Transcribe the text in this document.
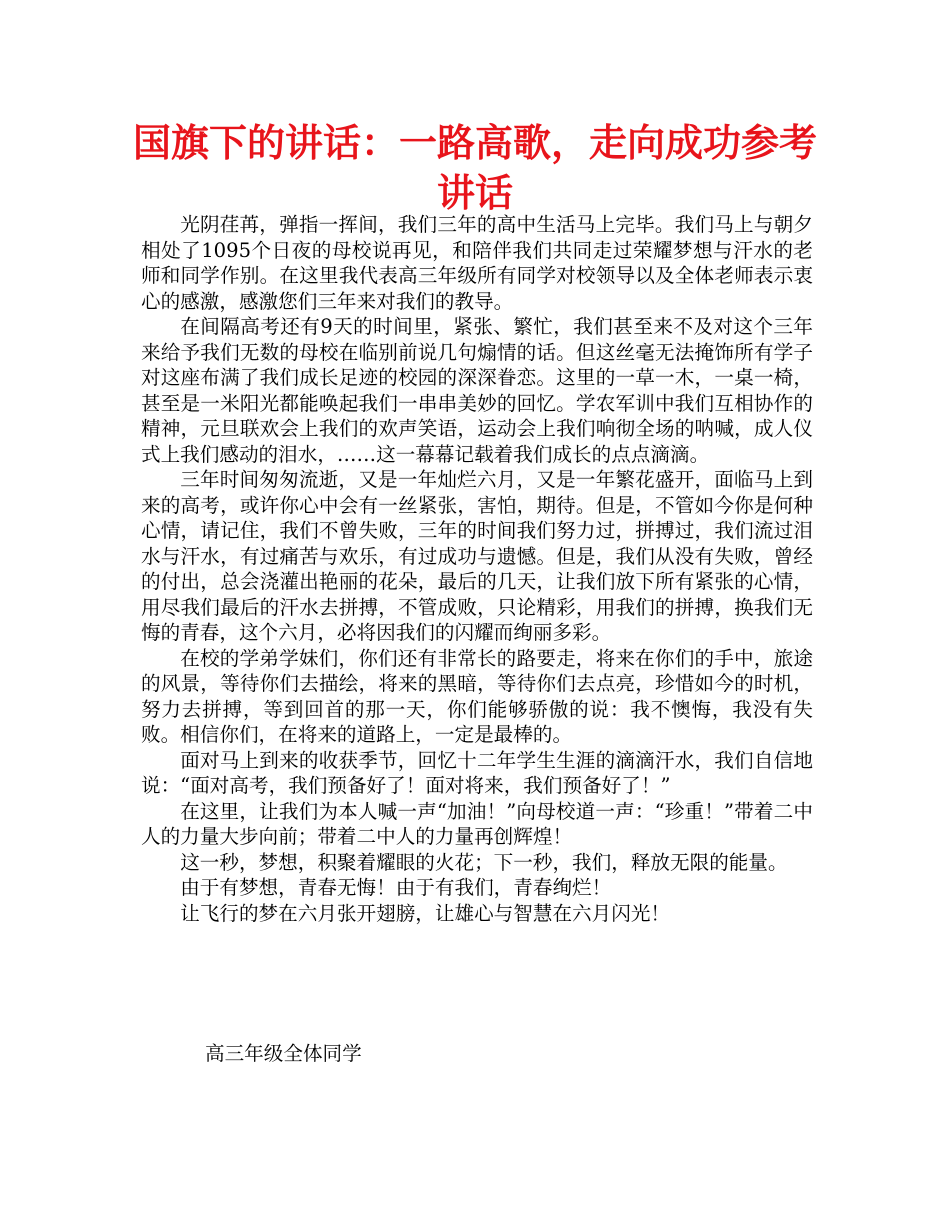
国旗下的讲话：一路高歌，走向成功参考讲话

光阴荏苒，弹指一挥间，我们三年的高中生活马上完毕。我们马上与朝夕相处了1095个日夜的母校说再见，和陪伴我们共同走过荣耀梦想与汗水的老师和同学作别。在这里我代表高三年级所有同学对校领导以及全体老师表示衷心的感激，感激您们三年来对我们的教导。

在间隔高考还有9天的时间里，紧张、繁忙，我们甚至来不及对这个三年来给予我们无数的母校在临别前说几句煽情的话。但这丝毫无法掩饰所有学子对这座布满了我们成长足迹的校园的深深眷恋。这里的一草一木，一桌一椅，甚至是一米阳光都能唤起我们一串串美妙的回忆。学农军训中我们互相协作的精神，元旦联欢会上我们的欢声笑语，运动会上我们响彻全场的呐喊，成人仪式上我们感动的泪水，……这一幕幕记载着我们成长的点点滴滴。

三年时间匆匆流逝，又是一年灿烂六月，又是一年繁花盛开，面临马上到来的高考，或许你心中会有一丝紧张，害怕，期待。但是，不管如今你是何种心情，请记住，我们不曾失败，三年的时间我们努力过，拼搏过，我们流过泪水与汗水，有过痛苦与欢乐，有过成功与遗憾。但是，我们从没有失败，曾经的付出，总会浇灌出艳丽的花朵，最后的几天，让我们放下所有紧张的心情，用尽我们最后的汗水去拼搏，不管成败，只论精彩，用我们的拼搏，换我们无悔的青春，这个六月，必将因我们的闪耀而绚丽多彩。

在校的学弟学妹们，你们还有非常长的路要走，将来在你们的手中，旅途的风景，等待你们去描绘，将来的黑暗，等待你们去点亮，珍惜如今的时机，努力去拼搏，等到回首的那一天，你们能够骄傲的说：我不懊悔，我没有失败。相信你们，在将来的道路上，一定是最棒的。

面对马上到来的收获季节，回忆十二年学生生涯的滴滴汗水，我们自信地说：“面对高考，我们预备好了！面对将来，我们预备好了！”

在这里，让我们为本人喊一声“加油！”向母校道一声：“珍重！”带着二中人的力量大步向前；带着二中人的力量再创辉煌！

这一秒，梦想，积聚着耀眼的火花；下一秒，我们，释放无限的能量。

由于有梦想，青春无悔！由于有我们，青春绚烂！

让飞行的梦在六月张开翅膀，让雄心与智慧在六月闪光！

高三年级全体同学
